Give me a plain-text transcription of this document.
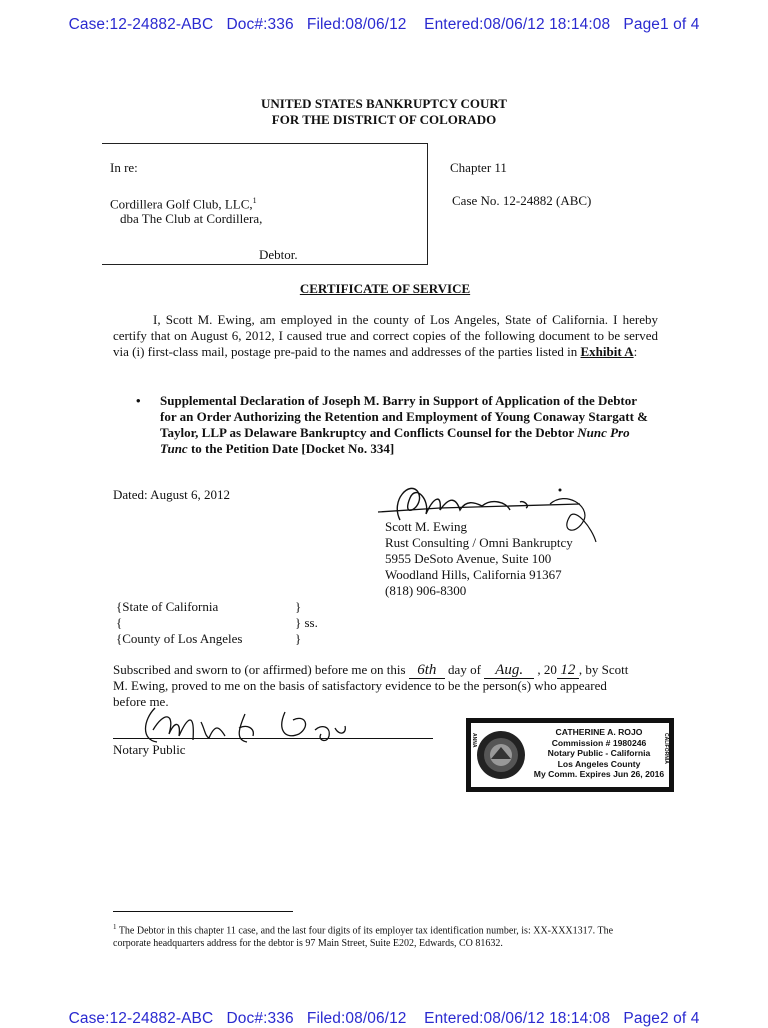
Case:12-24882-ABC   Doc#:336   Filed:08/06/12    Entered:08/06/12 18:14:08   Page1 of 4
Case:12-24882-ABC   Doc#:336   Filed:08/06/12    Entered:08/06/12 18:14:08   Page2 of 4
UNITED STATES BANKRUPTCY COURT
FOR THE DISTRICT OF COLORADO
In re:
Cordillera Golf Club, LLC,$^1$
dba The Club at Cordillera,
Debtor.
Chapter 11
Case No. 12-24882 (ABC)
CERTIFICATE OF SERVICE
I, Scott M. Ewing, am employed in the county of Los Angeles, State of California. I hereby certify that on August 6, 2012, I caused true and correct copies of the following document to be served via (i) first-class mail, postage pre-paid to the names and addresses of the parties listed in Exhibit A:
• Supplemental Declaration of Joseph M. Barry in Support of Application of the Debtor for an Order Authorizing the Retention and Employment of Young Conaway Stargatt & Taylor, LLP as Delaware Bankruptcy and Conflicts Counsel for the Debtor Nunc Pro Tunc to the Petition Date [Docket No. 334]
Dated: August 6, 2012
Scott M. Ewing
Rust Consulting / Omni Bankruptcy
5955 DeSoto Avenue, Suite 100
Woodland Hills, California 91367
(818) 906-8300
{State of California
{
{County of Los Angeles
}
} ss.
}
Subscribed and sworn to (or affirmed) before me on this 6th day of Aug. , 20 12 , by Scott
M. Ewing, proved to me on the basis of satisfactory evidence to be the person(s) who appeared
before me.
Notary Public
ANNA	CALIFORNIA
CATHERINE A. ROJO
Commission # 1980246
Notary Public - California
Los Angeles County
My Comm. Expires Jun 26, 2016
$^1$ The Debtor in this chapter 11 case, and the last four digits of its employer tax identification number, is: XX-XXX1317. The corporate headquarters address for the debtor is 97 Main Street, Suite E202, Edwards, CO 81632.
